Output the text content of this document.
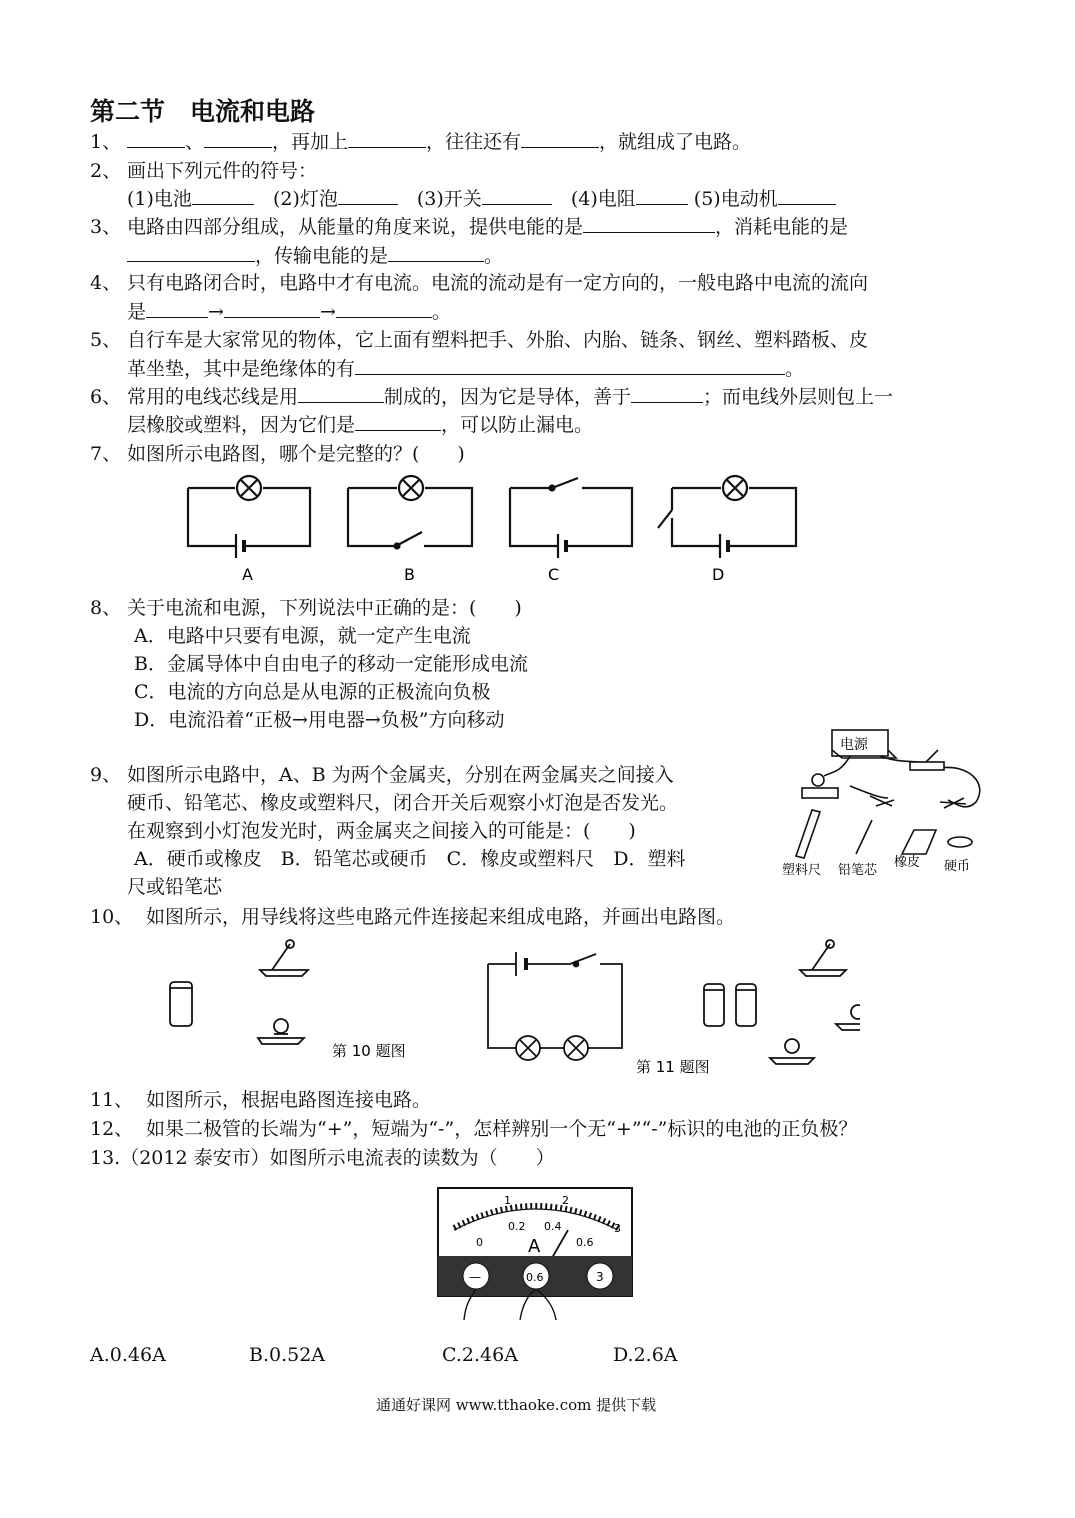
第二节　电流和电路
1、	、	，再加上	，往往还有	，就组成了电路。
2、 画出下列元件的符号：
(1)电池　	(2)灯泡　	(3)开关　	(4)电阻	(5)电动机
3、 电路由四部分组成，从能量的角度来说，提供电能的是	，消耗电能的是
，传输电能的是	。
4、 只有电路闭合时，电路中才有电流。电流的流动是有一定方向的，一般电路中电流的流向
是	→	→	。
5、 自行车是大家常见的物体，它上面有塑料把手、外胎、内胎、链条、钢丝、塑料踏板、皮
革坐垫，其中是绝缘体的有	。
6、 常用的电线芯线是用	制成的，因为它是导体，善于	；而电线外层则包上一
层橡胶或塑料，因为它们是	，可以防止漏电。
7、 如图所示电路图，哪个是完整的？(　　)
A	B	C	D
8、 关于电流和电源，下列说法中正确的是：(　　)
A．电路中只要有电源，就一定产生电流
B．金属导体中自由电子的移动一定能形成电流
C．电流的方向总是从电源的正极流向负极
D．电流沿着“正极→用电器→负极”方向移动
9、 如图所示电路中，A、B 为两个金属夹，分别在两金属夹之间接入
硬币、铅笔芯、橡皮或塑料尺，闭合开关后观察小灯泡是否发光。
在观察到小灯泡发光时，两金属夹之间接入的可能是：(　　)
A．硬币或橡皮　B．铅笔芯或硬币　C．橡皮或塑料尺　D．塑料
尺或铅笔芯
电源
塑料尺 铅笔芯
橡皮 硬币
10、 如图所示，用导线将这些电路元件连接起来组成电路，并画出电路图。
第 10 题图
第 11 题图
11、 如图所示，根据电路图连接电路。
12、 如果二极管的长端为“+”，短端为“-”，怎样辨别一个无“+”“-”标识的电池的正负极？
13.（2012 泰安市）如图所示电流表的读数为（　　）
1	2
0
0.2 0.4
0.6
3
A
—	0.6	3
A.0.46A	B.0.52A	C.2.46A	D.2.6A
通通好课网 www.tthaoke.com 提供下载
